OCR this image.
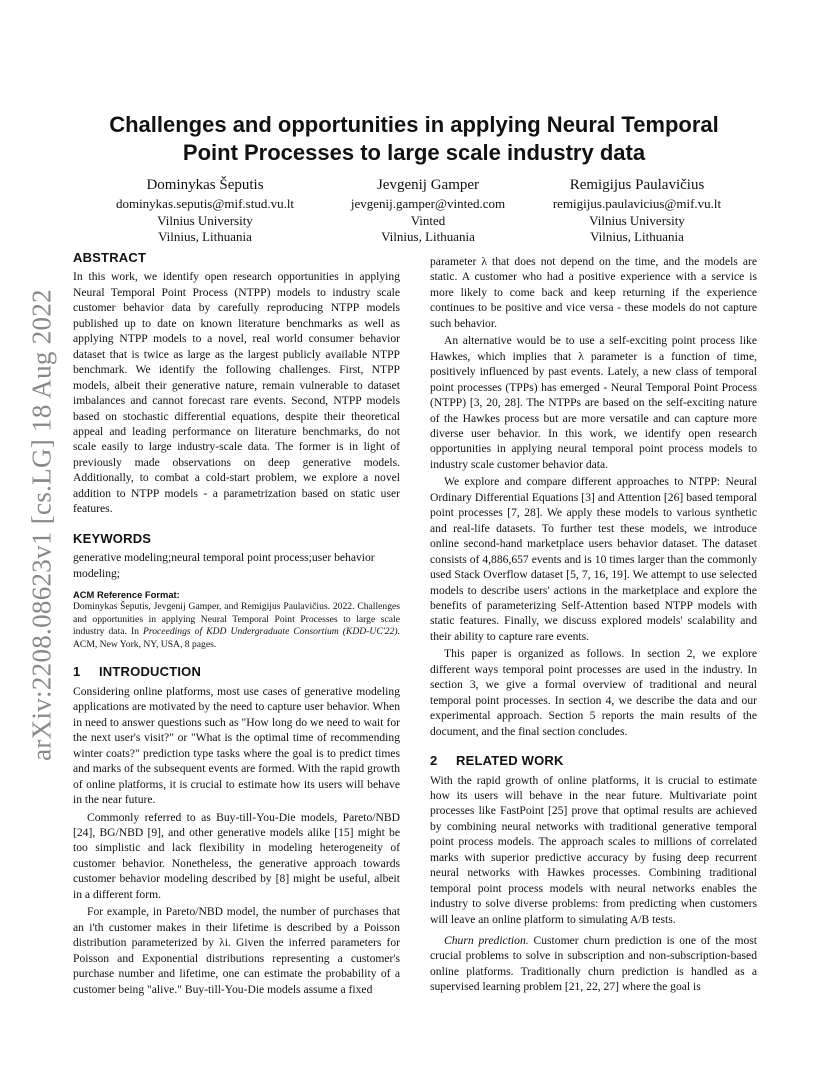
arXiv:2208.08623v1 [cs.LG] 18 Aug 2022
Challenges and opportunities in applying Neural Temporal
Point Processes to large scale industry data
Dominykas Šeputis
dominykas.seputis@mif.stud.vu.lt
Vilnius University
Vilnius, Lithuania
Jevgenij Gamper
jevgenij.gamper@vinted.com
Vinted
Vilnius, Lithuania
Remigijus Paulavičius
remigijus.paulavicius@mif.vu.lt
Vilnius University
Vilnius, Lithuania
ABSTRACT

In this work, we identify open research opportunities in applying Neural Temporal Point Process (NTPP) models to industry scale customer behavior data by carefully reproducing NTPP models published up to date on known literature benchmarks as well as applying NTPP models to a novel, real world consumer behavior dataset that is twice as large as the largest publicly available NTPP benchmark. We identify the following challenges. First, NTPP models, albeit their generative nature, remain vulnerable to dataset imbalances and cannot forecast rare events. Second, NTPP models based on stochastic differential equations, despite their theoretical appeal and leading performance on literature benchmarks, do not scale easily to large industry-scale data. The former is in light of previously made observations on deep generative models. Additionally, to combat a cold-start problem, we explore a novel addition to NTPP models - a parametrization based on static user features.

KEYWORDS

generative modeling;neural temporal point process;user behavior modeling;

ACM Reference Format:

Dominykas Šeputis, Jevgenij Gamper, and Remigijus Paulavičius. 2022. Challenges and opportunities in applying Neural Temporal Point Processes to large scale industry data. In Proceedings of KDD Undergraduate Consortium (KDD-UC'22). ACM, New York, NY, USA, 8 pages.

1 INTRODUCTION

Considering online platforms, most use cases of generative modeling applications are motivated by the need to capture user behavior. When in need to answer questions such as "How long do we need to wait for the next user's visit?" or "What is the optimal time of recommending winter coats?" prediction type tasks where the goal is to predict times and marks of the subsequent events are formed. With the rapid growth of online platforms, it is crucial to estimate how its users will behave in the near future.

Commonly referred to as Buy-till-You-Die models, Pareto/NBD [24], BG/NBD [9], and other generative models alike [15] might be too simplistic and lack flexibility in modeling heterogeneity of customer behavior. Nonetheless, the generative approach towards customer behavior modeling described by [8] might be useful, albeit in a different form.

For example, in Pareto/NBD model, the number of purchases that an i'th customer makes in their lifetime is described by a Poisson distribution parameterized by λi. Given the inferred parameters for Poisson and Exponential distributions representing a customer's purchase number and lifetime, one can estimate the probability of a customer being "alive." Buy-till-You-Die models assume a fixed

parameter λ that does not depend on the time, and the models are static. A customer who had a positive experience with a service is more likely to come back and keep returning if the experience continues to be positive and vice versa - these models do not capture such behavior.

An alternative would be to use a self-exciting point process like Hawkes, which implies that λ parameter is a function of time, positively influenced by past events. Lately, a new class of temporal point processes (TPPs) has emerged - Neural Temporal Point Process (NTPP) [3, 20, 28]. The NTPPs are based on the self-exciting nature of the Hawkes process but are more versatile and can capture more diverse user behavior. In this work, we identify open research opportunities in applying neural temporal point process models to industry scale customer behavior data.

We explore and compare different approaches to NTPP: Neural Ordinary Differential Equations [3] and Attention [26] based temporal point processes [7, 28]. We apply these models to various synthetic and real-life datasets. To further test these models, we introduce online second-hand marketplace users behavior dataset. The dataset consists of 4,886,657 events and is 10 times larger than the commonly used Stack Overflow dataset [5, 7, 16, 19]. We attempt to use selected models to describe users' actions in the marketplace and explore the benefits of parameterizing Self-Attention based NTPP models with static features. Finally, we discuss explored models' scalability and their ability to capture rare events.

This paper is organized as follows. In section 2, we explore different ways temporal point processes are used in the industry. In section 3, we give a formal overview of traditional and neural temporal point processes. In section 4, we describe the data and our experimental approach. Section 5 reports the main results of the document, and the final section concludes.

2 RELATED WORK

With the rapid growth of online platforms, it is crucial to estimate how its users will behave in the near future. Multivariate point processes like FastPoint [25] prove that optimal results are achieved by combining neural networks with traditional generative temporal point process models. The approach scales to millions of correlated marks with superior predictive accuracy by fusing deep recurrent neural networks with Hawkes processes. Combining traditional temporal point process models with neural networks enables the industry to solve diverse problems: from predicting when customers will leave an online platform to simulating A/B tests.

Churn prediction. Customer churn prediction is one of the most crucial problems to solve in subscription and non-subscription-based online platforms. Traditionally churn prediction is handled as a supervised learning problem [21, 22, 27] where the goal is
